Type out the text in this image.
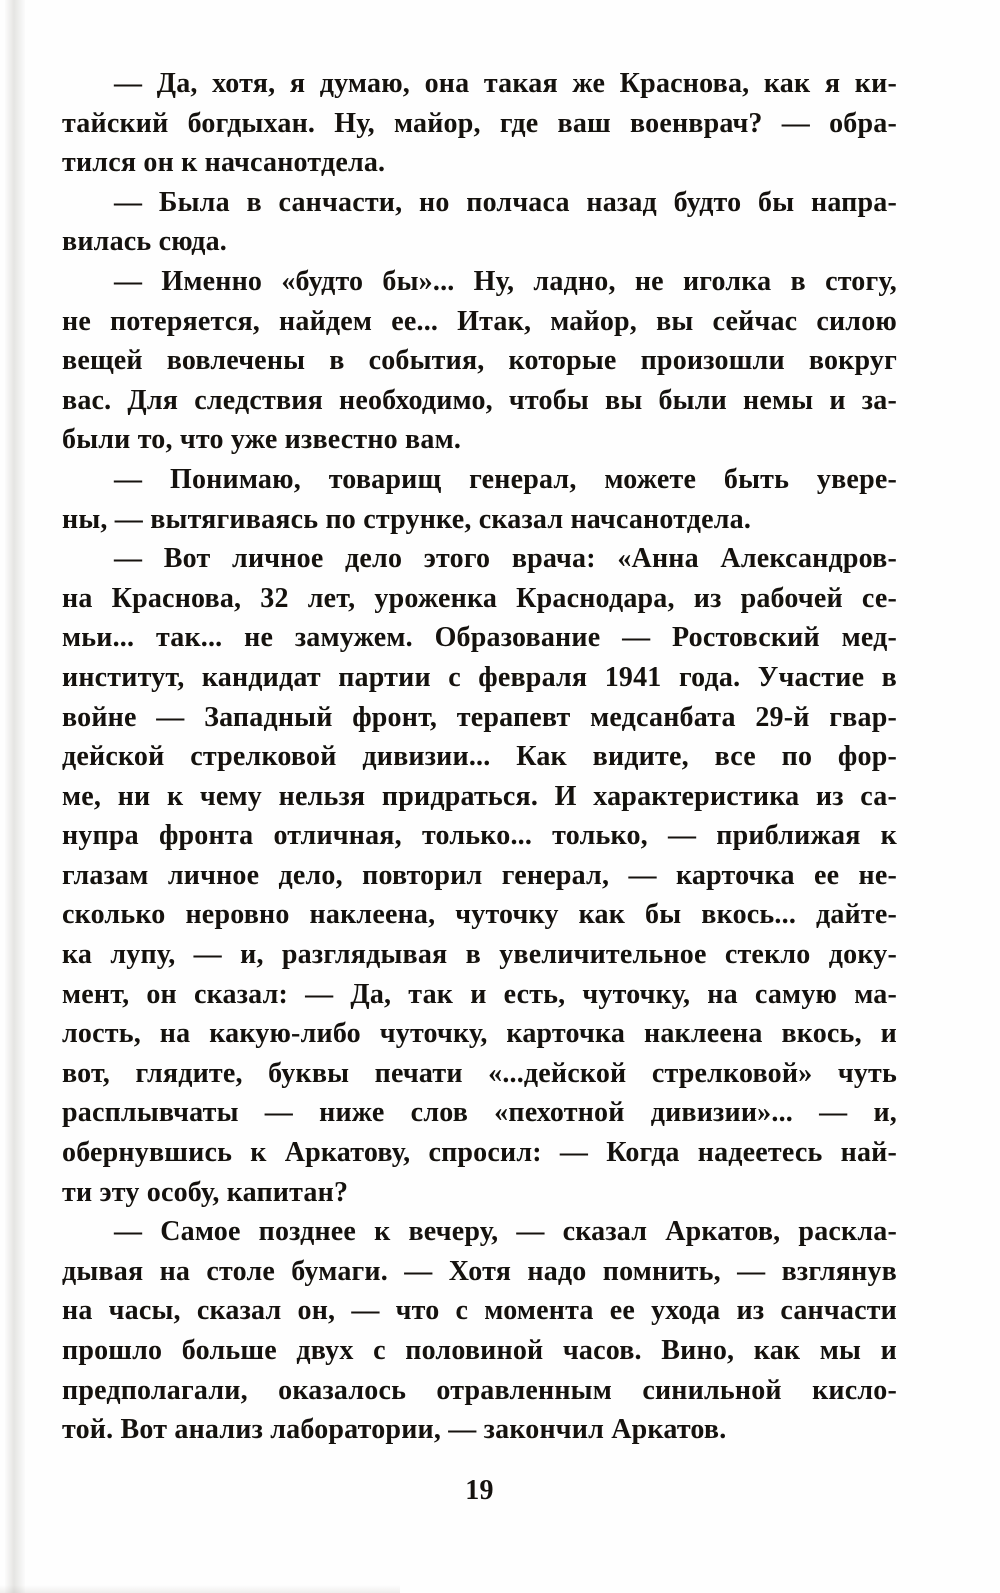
— Да, хотя, я думаю, она такая же Краснова, как я ки-
тайский богдыхан. Ну, майор, где ваш военврач? — обра-
тился он к начсанотдела.
— Была в санчасти, но полчаса назад будто бы напра-
вилась сюда.
— Именно «будто бы»... Ну, ладно, не иголка в стогу,
не потеряется, найдем ее... Итак, майор, вы сейчас силою
вещей вовлечены в события, которые произошли вокруг
вас. Для следствия необходимо, чтобы вы были немы и за-
были то, что уже известно вам.
— Понимаю, товарищ генерал, можете быть увере-
ны, — вытягиваясь по струнке, сказал начсанотдела.
— Вот личное дело этого врача: «Анна Александров-
на Краснова, 32 лет, уроженка Краснодара, из рабочей се-
мьи... так... не замужем. Образование — Ростовский мед-
институт, кандидат партии с февраля 1941 года. Участие в
войне — Западный фронт, терапевт медсанбата 29-й гвар-
дейской стрелковой дивизии... Как видите, все по фор-
ме, ни к чему нельзя придраться. И характеристика из са-
нупра фронта отличная, только... только, — приближая к
глазам личное дело, повторил генерал, — карточка ее не-
сколько неровно наклеена, чуточку как бы вкось... дайте-
ка лупу, — и, разглядывая в увеличительное стекло доку-
мент, он сказал: — Да, так и есть, чуточку, на самую ма-
лость, на какую-либо чуточку, карточка наклеена вкось, и
вот, глядите, буквы печати «...дейской стрелковой» чуть
расплывчаты — ниже слов «пехотной дивизии»... — и,
обернувшись к Аркатову, спросил: — Когда надеетесь най-
ти эту особу, капитан?
— Самое позднее к вечеру, — сказал Аркатов, раскла-
дывая на столе бумаги. — Хотя надо помнить, — взглянув
на часы, сказал он, — что с момента ее ухода из санчасти
прошло больше двух с половиной часов. Вино, как мы и
предполагали, оказалось отравленным синильной кисло-
той. Вот анализ лаборатории, — закончил Аркатов.
19
